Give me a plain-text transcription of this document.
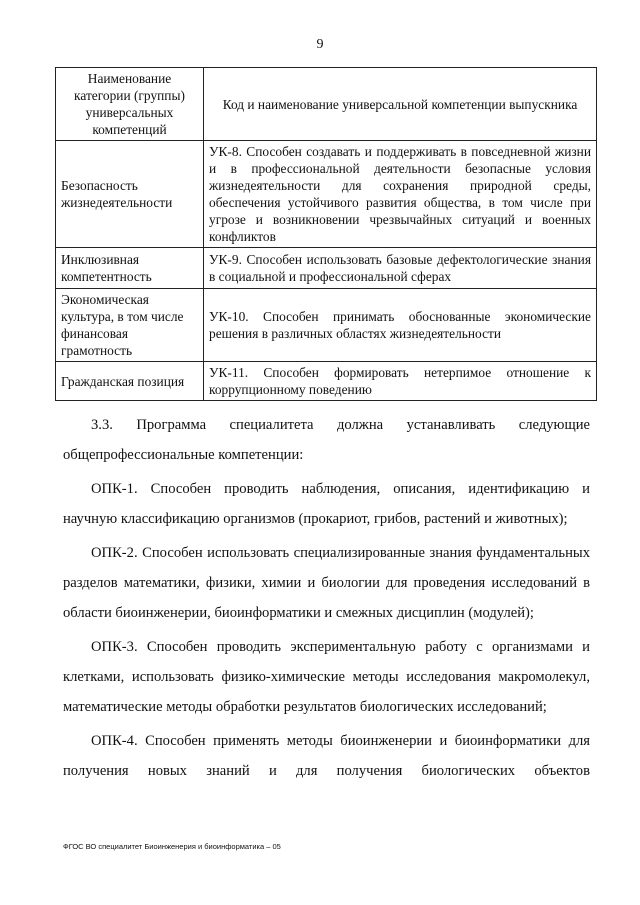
9
Наименование категории (группы) универсальных компетенций	Код и наименование универсальной компетенции выпускника
Безопасность жизнедеятельности	УК-8. Способен создавать и поддерживать в повседневной жизни и в профессиональной деятельности безопасные условия жизнедеятельности для сохранения природной среды, обеспечения устойчивого развития общества, в том числе при угрозе и возникновении чрезвычайных ситуаций и военных конфликтов
Инклюзивная компетентность	УК-9. Способен использовать базовые дефектологические знания в социальной и профессиональной сферах
Экономическая культура, в том числе финансовая грамотность	УК-10. Способен принимать обоснованные экономические решения в различных областях жизнедеятельности
Гражданская позиция	УК-11. Способен формировать нетерпимое отношение к коррупционному поведению

3.3. Программа специалитета должна устанавливать следующие общепрофессиональные компетенции:

ОПК-1. Способен проводить наблюдения, описания, идентификацию и научную классификацию организмов (прокариот, грибов, растений и животных);

ОПК-2. Способен использовать специализированные знания фундаментальных разделов математики, физики, химии и биологии для проведения исследований в области биоинженерии, биоинформатики и смежных дисциплин (модулей);

ОПК-3. Способен проводить экспериментальную работу с организмами и клетками, использовать физико-химические методы исследования макромолекул, математические методы обработки результатов биологических исследований;

ОПК-4. Способен применять методы биоинженерии и биоинформатики для получения новых знаний и для получения биологических объектов

ФГОС ВО специалитет Биоинженерия и биоинформатика – 05
